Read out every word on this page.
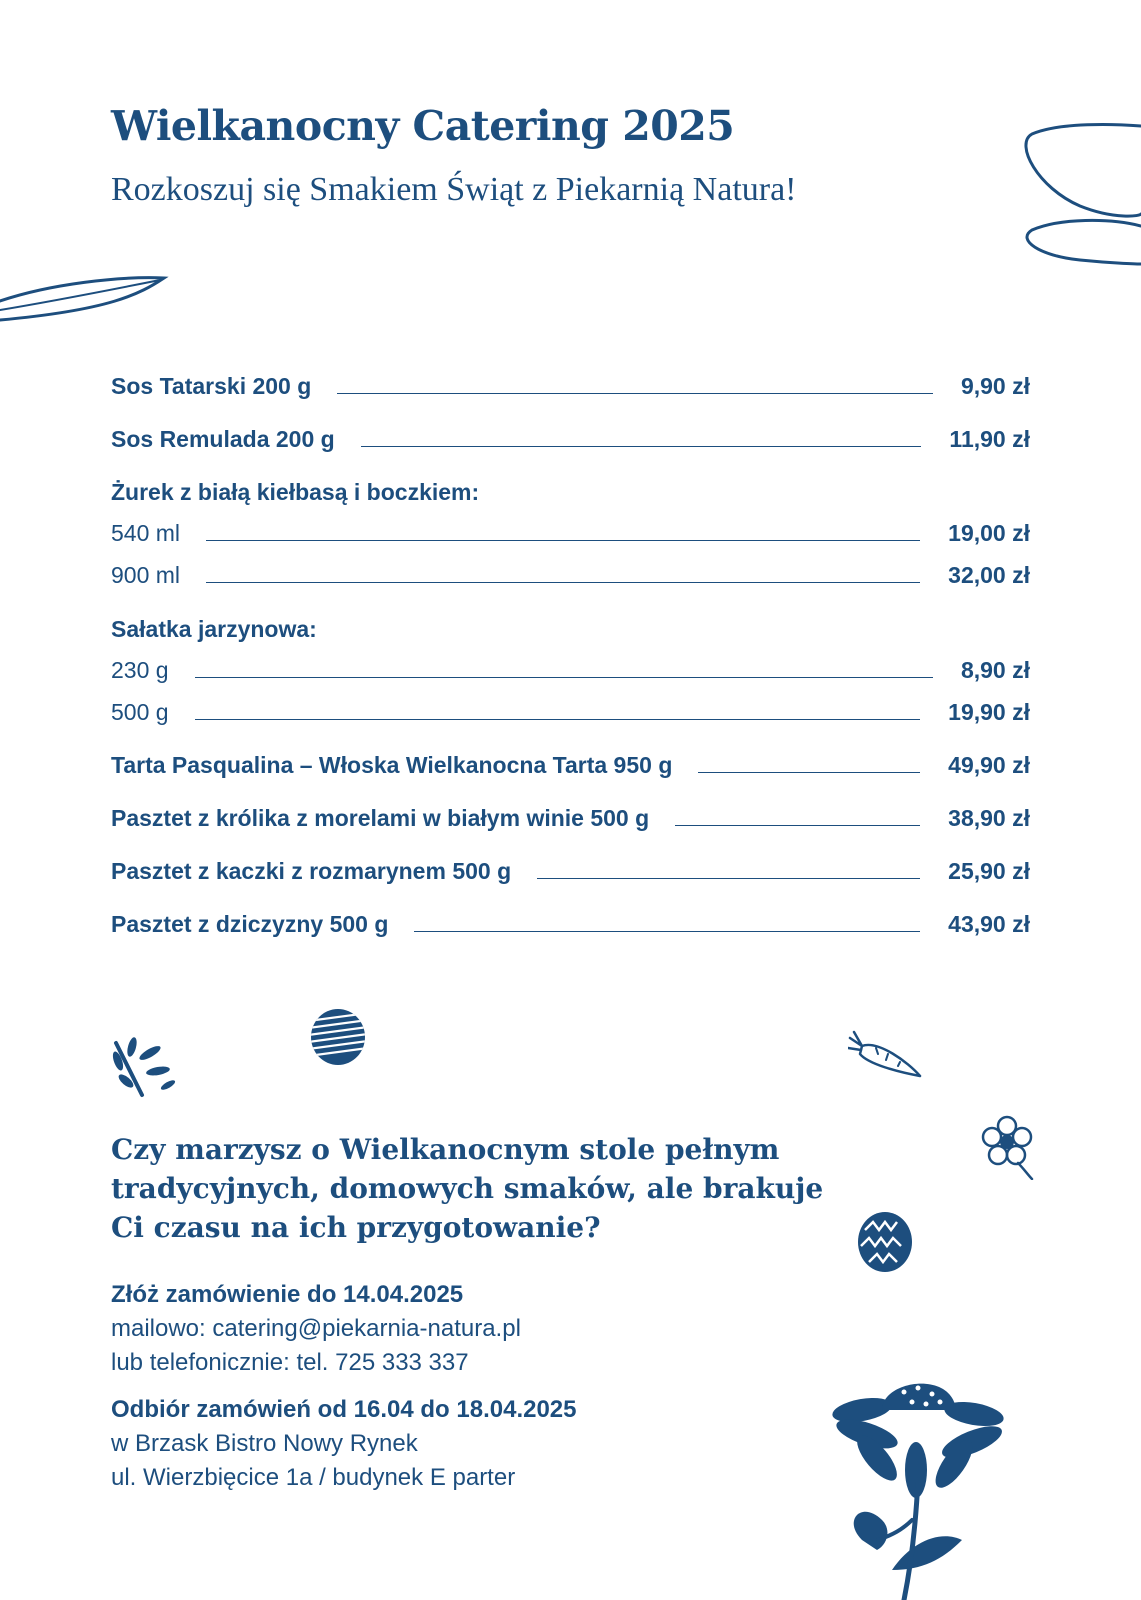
Wielkanocny Catering 2025

Rozkoszuj się Smakiem Świąt z Piekarnią Natura!

Sos Tatarski 200 g	9,90 zł
Sos Remulada 200 g	11,90 zł
Żurek z białą kiełbasą i boczkiem:
540 ml	19,00 zł
900 ml	32,00 zł
Sałatka jarzynowa:
230 g	8,90 zł
500 g	19,90 zł
Tarta Pasqualina – Włoska Wielkanocna Tarta 950 g	49,90 zł
Pasztet z królika z morelami w białym winie 500 g	38,90 zł
Pasztet z kaczki z rozmarynem 500 g	25,90 zł
Pasztet z dziczyzny 500 g	43,90 zł

Czy marzysz o Wielkanocnym stole pełnym tradycyjnych, domowych smaków, ale brakuje Ci czasu na ich przygotowanie?

Złóż zamówienie do 14.04.2025
mailowo: catering@piekarnia-natura.pl
lub telefonicznie: tel. 725 333 337
Odbiór zamówień od 16.04 do 18.04.2025
w Brzask Bistro Nowy Rynek
ul. Wierzbięcice 1a / budynek E parter
